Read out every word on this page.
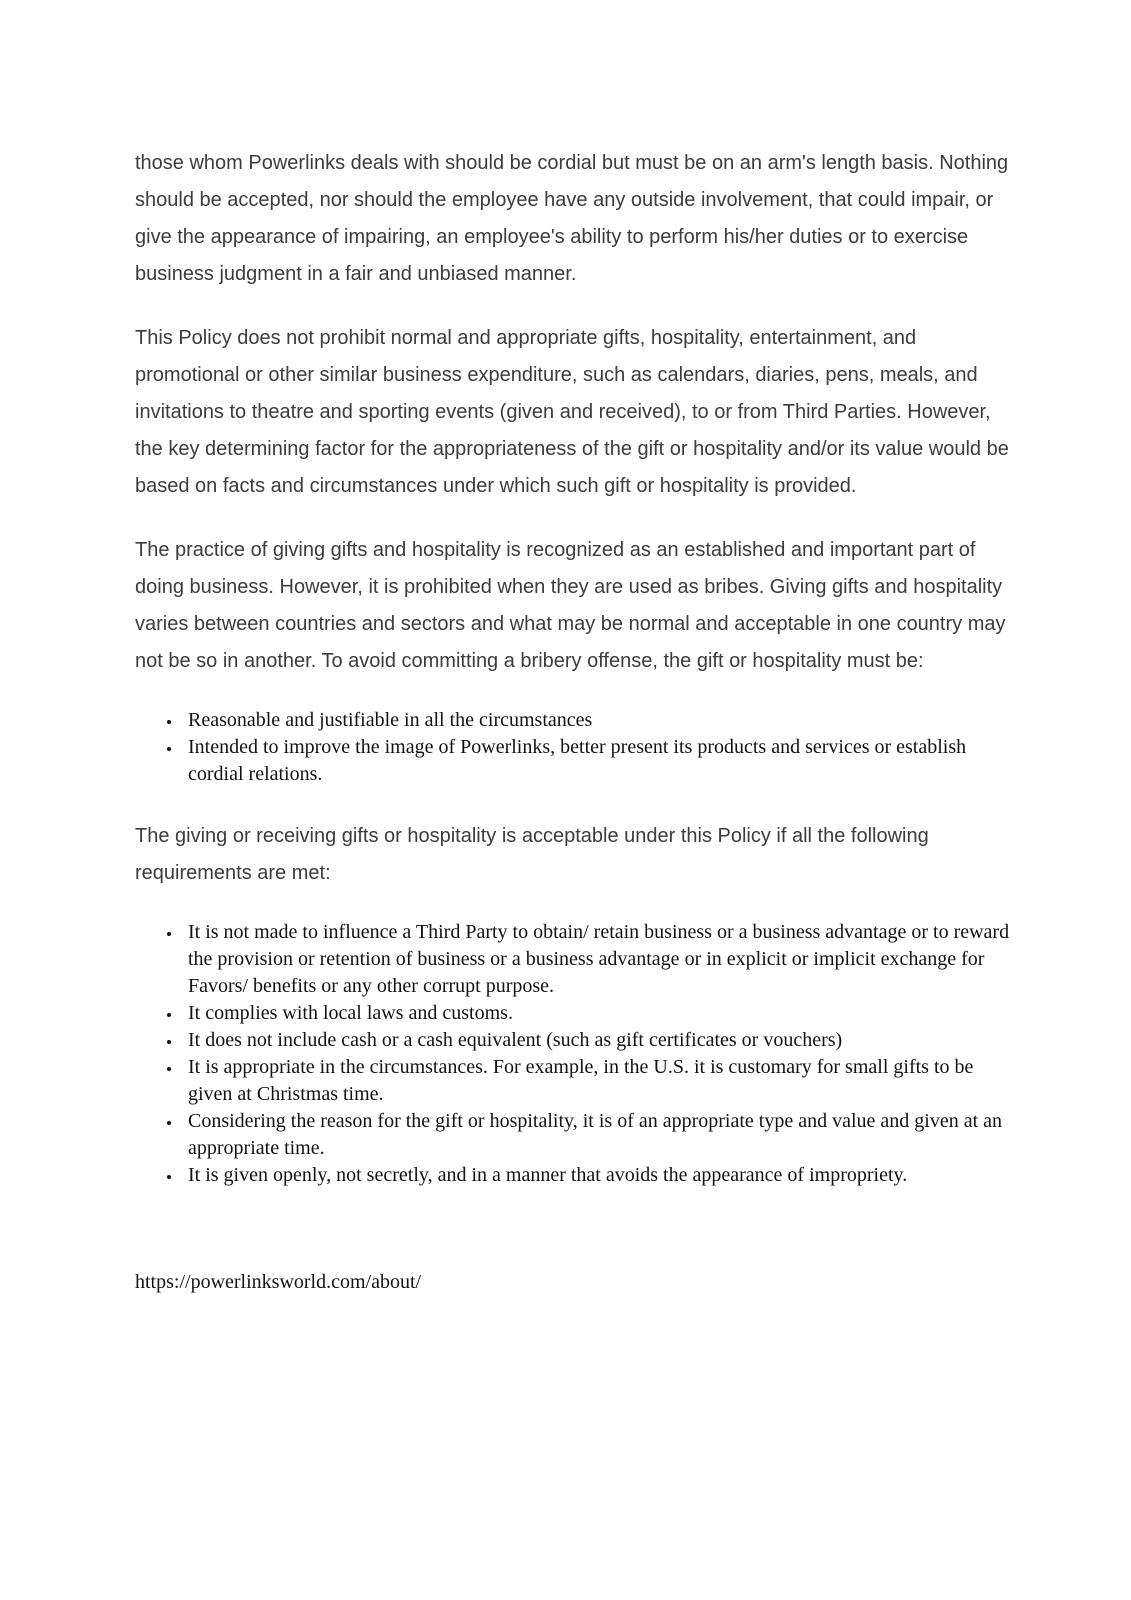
those whom Powerlinks deals with should be cordial but must be on an arm's length basis. Nothing should be accepted, nor should the employee have any outside involvement, that could impair, or give the appearance of impairing, an employee's ability to perform his/her duties or to exercise business judgment in a fair and unbiased manner.

This Policy does not prohibit normal and appropriate gifts, hospitality, entertainment, and promotional or other similar business expenditure, such as calendars, diaries, pens, meals, and invitations to theatre and sporting events (given and received), to or from Third Parties. However, the key determining factor for the appropriateness of the gift or hospitality and/or its value would be based on facts and circumstances under which such gift or hospitality is provided.

The practice of giving gifts and hospitality is recognized as an established and important part of doing business. However, it is prohibited when they are used as bribes. Giving gifts and hospitality varies between countries and sectors and what may be normal and acceptable in one country may not be so in another. To avoid committing a bribery offense, the gift or hospitality must be:

• Reasonable and justifiable in all the circumstances
• Intended to improve the image of Powerlinks, better present its products and services or establish cordial relations.

The giving or receiving gifts or hospitality is acceptable under this Policy if all the following requirements are met:

• It is not made to influence a Third Party to obtain/ retain business or a business advantage or to reward the provision or retention of business or a business advantage or in explicit or implicit exchange for Favors/ benefits or any other corrupt purpose.
• It complies with local laws and customs.
• It does not include cash or a cash equivalent (such as gift certificates or vouchers)
• It is appropriate in the circumstances. For example, in the U.S. it is customary for small gifts to be given at Christmas time.
• Considering the reason for the gift or hospitality, it is of an appropriate type and value and given at an appropriate time.
• It is given openly, not secretly, and in a manner that avoids the appearance of impropriety.

https://powerlinksworld.com/about/
